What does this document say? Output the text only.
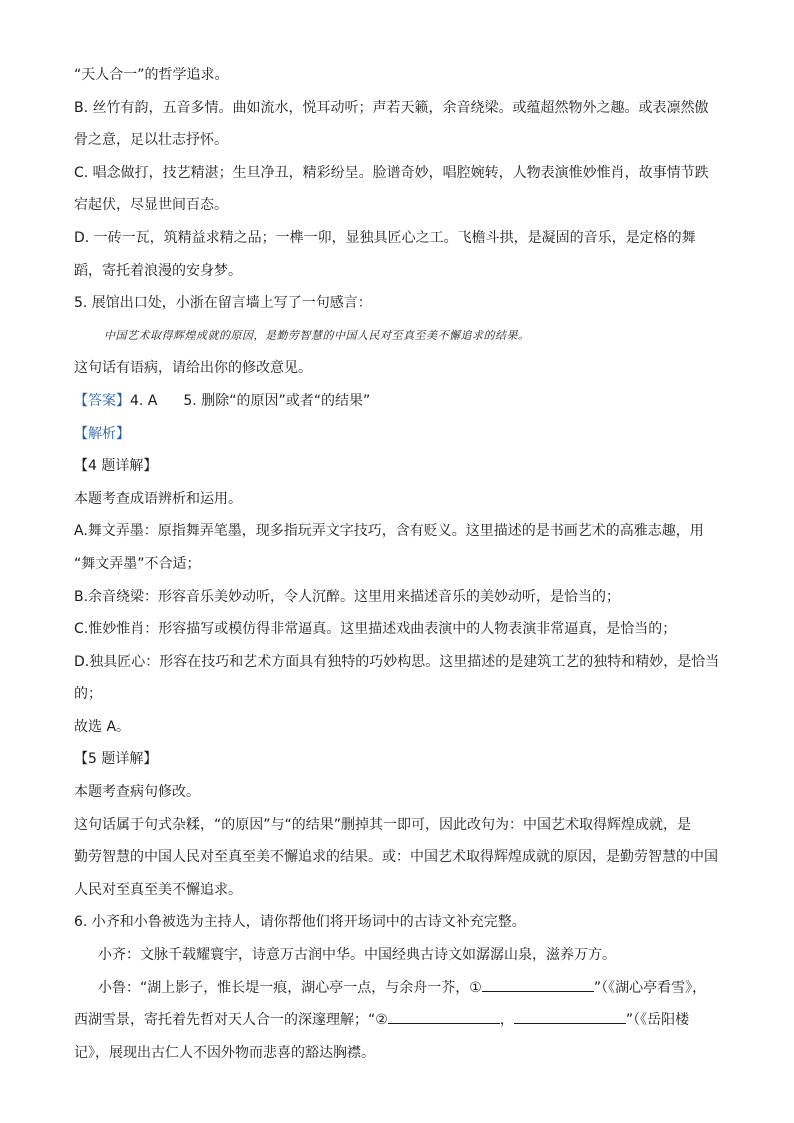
“天人合一”的哲学追求。
B. 丝竹有韵，五音多情。曲如流水，悦耳动听；声若天籁，余音绕梁。或蕴超然物外之趣。或表凛然傲
骨之意，足以壮志抒怀。
C. 唱念做打，技艺精湛；生旦净丑，精彩纷呈。脸谱奇妙，唱腔婉转，人物表演惟妙惟肖，故事情节跌
宕起伏，尽显世间百态。
D. 一砖一瓦，筑精益求精之品；一榫一卯，显独具匠心之工。飞檐斗拱，是凝固的音乐，是定格的舞
蹈，寄托着浪漫的安身梦。
5. 展馆出口处，小浙在留言墙上写了一句感言：
中国艺术取得辉煌成就的原因，是勤劳智慧的中国人民对至真至美不懈追求的结果。
这句话有语病，请给出你的修改意见。
【答案】4. A 5. 删除“的原因”或者“的结果”
【解析】
【4 题详解】
本题考查成语辨析和运用。
A.舞文弄墨：原指舞弄笔墨，现多指玩弄文字技巧，含有贬义。这里描述的是书画艺术的高雅志趣，用
“舞文弄墨”不合适；
B.余音绕梁：形容音乐美妙动听，令人沉醉。这里用来描述音乐的美妙动听，是恰当的；
C.惟妙惟肖：形容描写或模仿得非常逼真。这里描述戏曲表演中的人物表演非常逼真，是恰当的；
D.独具匠心：形容在技巧和艺术方面具有独特的巧妙构思。这里描述的是建筑工艺的独特和精妙，是恰当
的；
故选 A。
【5 题详解】
本题考查病句修改。
这句话属于句式杂糅，“的原因”与“的结果”删掉其一即可，因此改句为：中国艺术取得辉煌成就，是
勤劳智慧的中国人民对至真至美不懈追求的结果。或：中国艺术取得辉煌成就的原因，是勤劳智慧的中国
人民对至真至美不懈追求。
6. 小齐和小鲁被选为主持人，请你帮他们将开场词中的古诗文补充完整。
小齐：文脉千载耀寰宇，诗意万古润中华。中国经典古诗文如潺潺山泉，滋养万方。
小鲁：“湖上影子，惟长堤一痕，湖心亭一点，与余舟一芥，①	”（《湖心亭看雪》，
西湖雪景，寄托着先哲对天人合一的深邃理解；“②	，	”（《岳阳楼
记》，展现出古仁人不因外物而悲喜的豁达胸襟。
